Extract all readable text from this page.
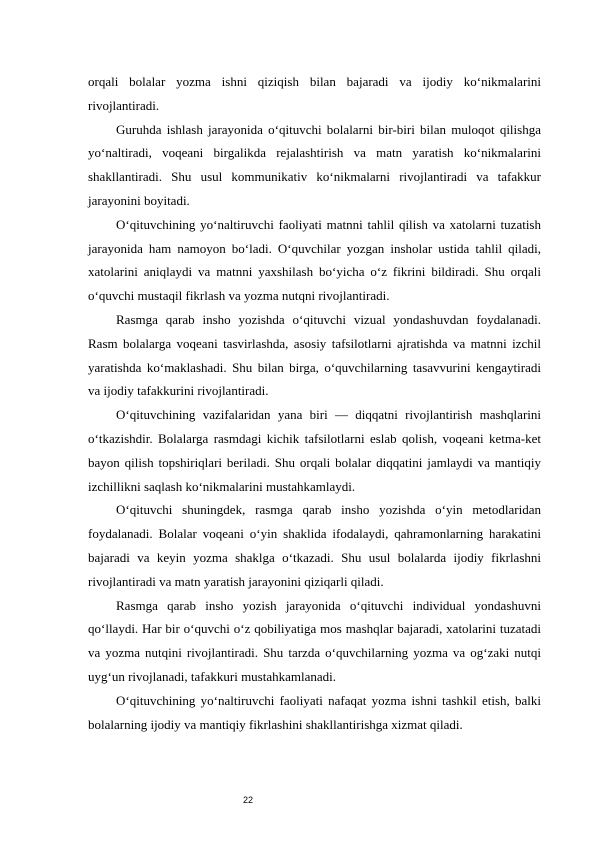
orqali bolalar yozma ishni qiziqish bilan bajaradi va ijodiy ko‘nikmalarini rivojlantiradi.

Guruhda ishlash jarayonida o‘qituvchi bolalarni bir-biri bilan muloqot qilishga yo‘naltiradi, voqeani birgalikda rejalashtirish va matn yaratish ko‘nikmalarini shakllantiradi. Shu usul kommunikativ ko‘nikmalarni rivojlantiradi va tafakkur jarayonini boyitadi.

O‘qituvchining yo‘naltiruvchi faoliyati matnni tahlil qilish va xatolarni tuzatish jarayonida ham namoyon bo‘ladi. O‘quvchilar yozgan insholar ustida tahlil qiladi, xatolarini aniqlaydi va matnni yaxshilash bo‘yicha o‘z fikrini bildiradi. Shu orqali o‘quvchi mustaqil fikrlash va yozma nutqni rivojlantiradi.

Rasmga qarab insho yozishda o‘qituvchi vizual yondashuvdan foydalanadi. Rasm bolalarga voqeani tasvirlashda, asosiy tafsilotlarni ajratishda va matnni izchil yaratishda ko‘maklashadi. Shu bilan birga, o‘quvchilarning tasavvurini kengaytiradi va ijodiy tafakkurini rivojlantiradi.

O‘qituvchining vazifalaridan yana biri — diqqatni rivojlantirish mashqlarini o‘tkazishdir. Bolalarga rasmdagi kichik tafsilotlarni eslab qolish, voqeani ketma-ket bayon qilish topshiriqlari beriladi. Shu orqali bolalar diqqatini jamlaydi va mantiqiy izchillikni saqlash ko‘nikmalarini mustahkamlaydi.

O‘qituvchi shuningdek, rasmga qarab insho yozishda o‘yin metodlaridan foydalanadi. Bolalar voqeani o‘yin shaklida ifodalaydi, qahramonlarning harakatini bajaradi va keyin yozma shaklga o‘tkazadi. Shu usul bolalarda ijodiy fikrlashni rivojlantiradi va matn yaratish jarayonini qiziqarli qiladi.

Rasmga qarab insho yozish jarayonida o‘qituvchi individual yondashuvni qo‘llaydi. Har bir o‘quvchi o‘z qobiliyatiga mos mashqlar bajaradi, xatolarini tuzatadi va yozma nutqini rivojlantiradi. Shu tarzda o‘quvchilarning yozma va og‘zaki nutqi uyg‘un rivojlanadi, tafakkuri mustahkamlanadi.

O‘qituvchining yo‘naltiruvchi faoliyati nafaqat yozma ishni tashkil etish, balki bolalarning ijodiy va mantiqiy fikrlashini shakllantirishga xizmat qiladi.

22
